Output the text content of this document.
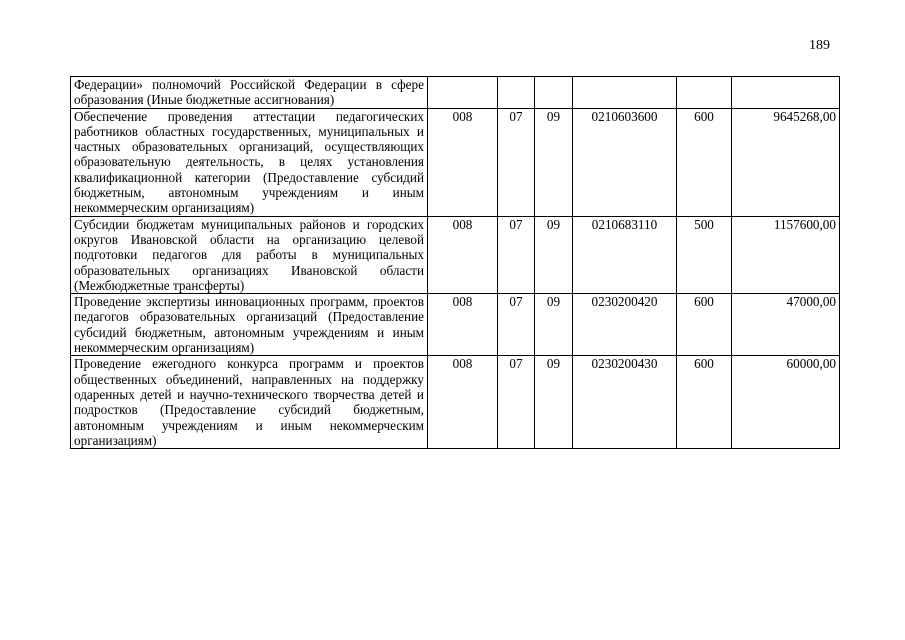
189
Федерации» полномочий Российской Федерации в сфере образования (Иные бюджетные ассигнования)						
Обеспечение проведения аттестации педагогических работников областных государственных, муниципальных и частных образовательных организаций, осуществляющих образовательную деятельность, в целях установления квалификационной категории (Предоставление субсидий бюджетным, автономным учреждениям и иным некоммерческим организациям)	008	07	09	0210603600	600	9645268,00
Субсидии бюджетам муниципальных районов и городских округов Ивановской области на организацию целевой подготовки педагогов для работы в муниципальных образовательных организациях Ивановской области (Межбюджетные трансферты)	008	07	09	0210683110	500	1157600,00
Проведение экспертизы инновационных программ, проектов педагогов образовательных организаций (Предоставление субсидий бюджетным, автономным учреждениям и иным некоммерческим организациям)	008	07	09	0230200420	600	47000,00
Проведение ежегодного конкурса программ и проектов общественных объединений, направленных на поддержку одаренных детей и научно-технического творчества детей и подростков (Предоставление субсидий бюджетным, автономным учреждениям и иным некоммерческим организациям)	008	07	09	0230200430	600	60000,00
